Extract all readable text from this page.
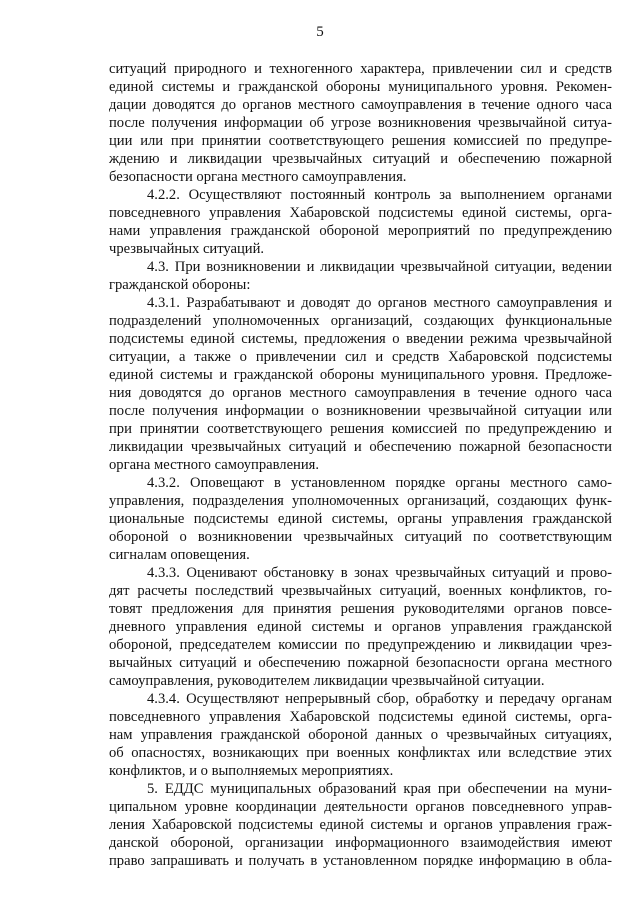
5
ситуаций природного и техногенного характера, привлечении сил и средств
единой системы и гражданской обороны муниципального уровня. Рекомен-
дации доводятся до органов местного самоуправления в течение одного часа
после получения информации об угрозе возникновения чрезвычайной ситуа-
ции или при принятии соответствующего решения комиссией по предупре-
ждению и ликвидации чрезвычайных ситуаций и обеспечению пожарной
безопасности органа местного самоуправления.
4.2.2. Осуществляют постоянный контроль за выполнением органами
повседневного управления Хабаровской подсистемы единой системы, орга-
нами управления гражданской обороной мероприятий по предупреждению
чрезвычайных ситуаций.
4.3. При возникновении и ликвидации чрезвычайной ситуации, ведении
гражданской обороны:
4.3.1. Разрабатывают и доводят до органов местного самоуправления и
подразделений уполномоченных организаций, создающих функциональные
подсистемы единой системы, предложения о введении режима чрезвычайной
ситуации, а также о привлечении сил и средств Хабаровской подсистемы
единой системы и гражданской обороны муниципального уровня. Предложе-
ния доводятся до органов местного самоуправления в течение одного часа
после получения информации о возникновении чрезвычайной ситуации или
при принятии соответствующего решения комиссией по предупреждению и
ликвидации чрезвычайных ситуаций и обеспечению пожарной безопасности
органа местного самоуправления.
4.3.2. Оповещают в установленном порядке органы местного само-
управления, подразделения уполномоченных организаций, создающих функ-
циональные подсистемы единой системы, органы управления гражданской
обороной о возникновении чрезвычайных ситуаций по соответствующим
сигналам оповещения.
4.3.3. Оценивают обстановку в зонах чрезвычайных ситуаций и прово-
дят расчеты последствий чрезвычайных ситуаций, военных конфликтов, го-
товят предложения для принятия решения руководителями органов повсе-
дневного управления единой системы и органов управления гражданской
обороной, председателем комиссии по предупреждению и ликвидации чрез-
вычайных ситуаций и обеспечению пожарной безопасности органа местного
самоуправления, руководителем ликвидации чрезвычайной ситуации.
4.3.4. Осуществляют непрерывный сбор, обработку и передачу органам
повседневного управления Хабаровской подсистемы единой системы, орга-
нам управления гражданской обороной данных о чрезвычайных ситуациях,
об опасностях, возникающих при военных конфликтах или вследствие этих
конфликтов, и о выполняемых мероприятиях.
5. ЕДДС муниципальных образований края при обеспечении на муни-
ципальном уровне координации деятельности органов повседневного управ-
ления Хабаровской подсистемы единой системы и органов управления граж-
данской обороной, организации информационного взаимодействия имеют
право запрашивать и получать в установленном порядке информацию в обла-
